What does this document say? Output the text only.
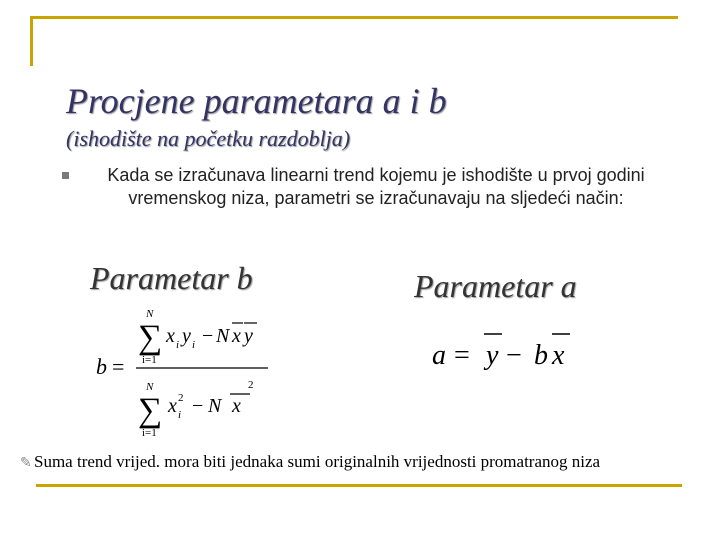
Procjene parametara a i b
(ishodište na početku razdoblja)
Kada se izračunava linearni trend kojemu je ishodište u prvoj godini vremenskog niza, parametri se izračunavaju na sljedeći način:
Parametar b	Parametar a
b =
N
∑
i=1
x i y i − N x y
N
∑
i=1
x 2
i − N x
2
a = y − b x
✎ Suma trend vrijed. mora biti jednaka sumi originalnih vrijednosti promatranog niza
